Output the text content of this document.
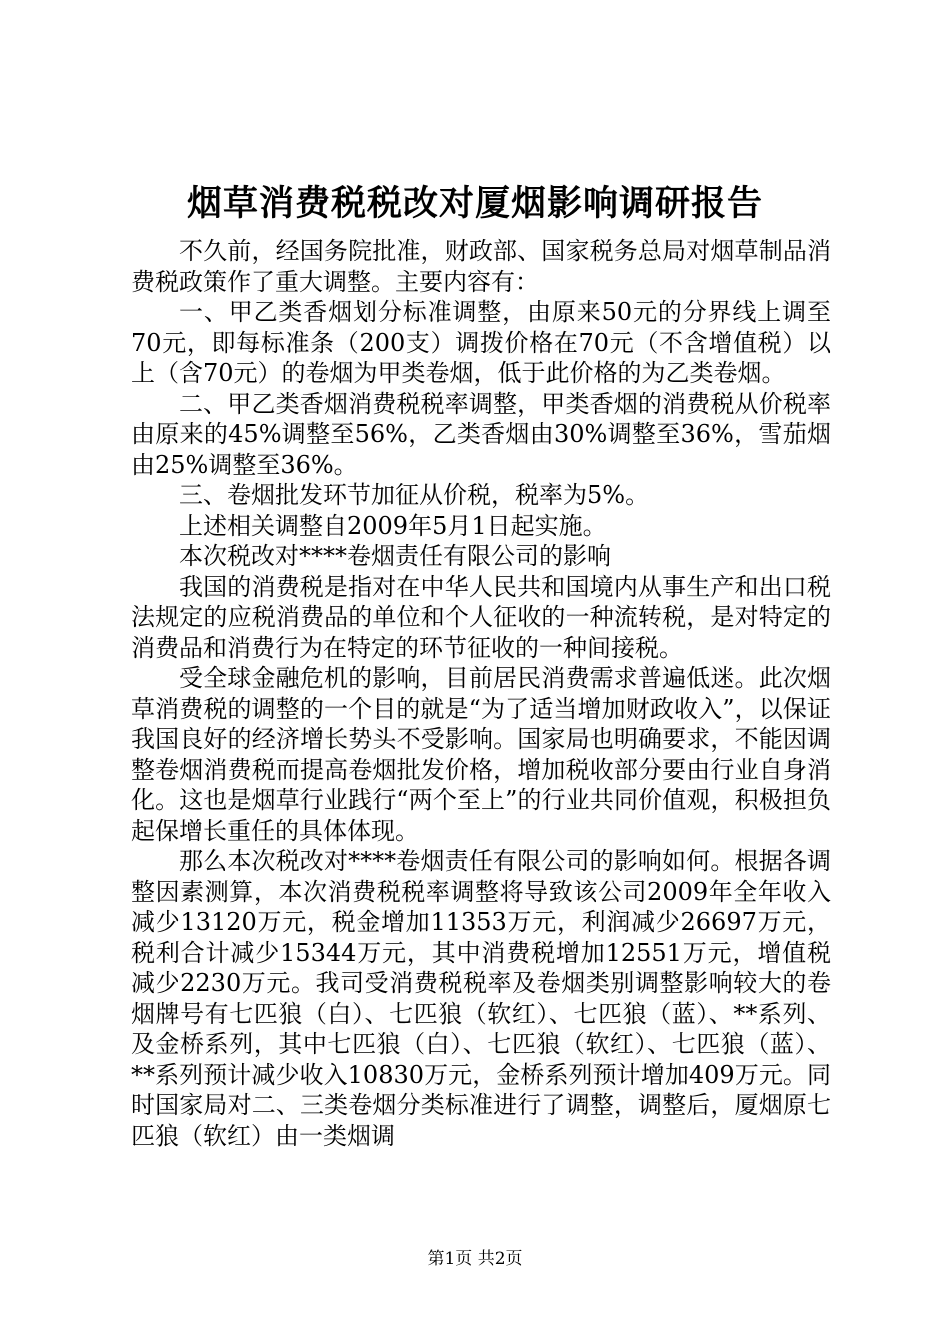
烟草消费税税改对厦烟影响调研报告

不久前，经国务院批准，财政部、国家税务总局对烟草制品消费税政策作了重大调整。主要内容有：

一、甲乙类香烟划分标准调整，由原来50元的分界线上调至70元，即每标准条（200支）调拨价格在70元（不含增值税）以上（含70元）的卷烟为甲类卷烟，低于此价格的为乙类卷烟。

二、甲乙类香烟消费税税率调整，甲类香烟的消费税从价税率由原来的45%调整至56%，乙类香烟由30%调整至36%，雪茄烟由25%调整至36%。

三、卷烟批发环节加征从价税，税率为5%。

上述相关调整自2009年5月1日起实施。

本次税改对****卷烟责任有限公司的影响

我国的消费税是指对在中华人民共和国境内从事生产和出口税法规定的应税消费品的单位和个人征收的一种流转税，是对特定的消费品和消费行为在特定的环节征收的一种间接税。

受全球金融危机的影响，目前居民消费需求普遍低迷。此次烟草消费税的调整的一个目的就是“为了适当增加财政收入”，以保证我国良好的经济增长势头不受影响。国家局也明确要求，不能因调整卷烟消费税而提高卷烟批发价格，增加税收部分要由行业自身消化。这也是烟草行业践行“两个至上”的行业共同价值观，积极担负起保增长重任的具体体现。

那么本次税改对****卷烟责任有限公司的影响如何。根据各调整因素测算，本次消费税税率调整将导致该公司2009年全年收入减少13120万元，税金增加11353万元，利润减少26697万元，税利合计减少15344万元，其中消费税增加12551万元，增值税减少2230万元。我司受消费税税率及卷烟类别调整影响较大的卷烟牌号有七匹狼（白）、七匹狼（软红）、七匹狼（蓝）、**系列、及金桥系列，其中七匹狼（白）、七匹狼（软红）、七匹狼（蓝）、**系列预计减少收入10830万元，金桥系列预计增加409万元。同时国家局对二、三类卷烟分类标准进行了调整，调整后，厦烟原七匹狼（软红）由一类烟调

第1页 共2页
